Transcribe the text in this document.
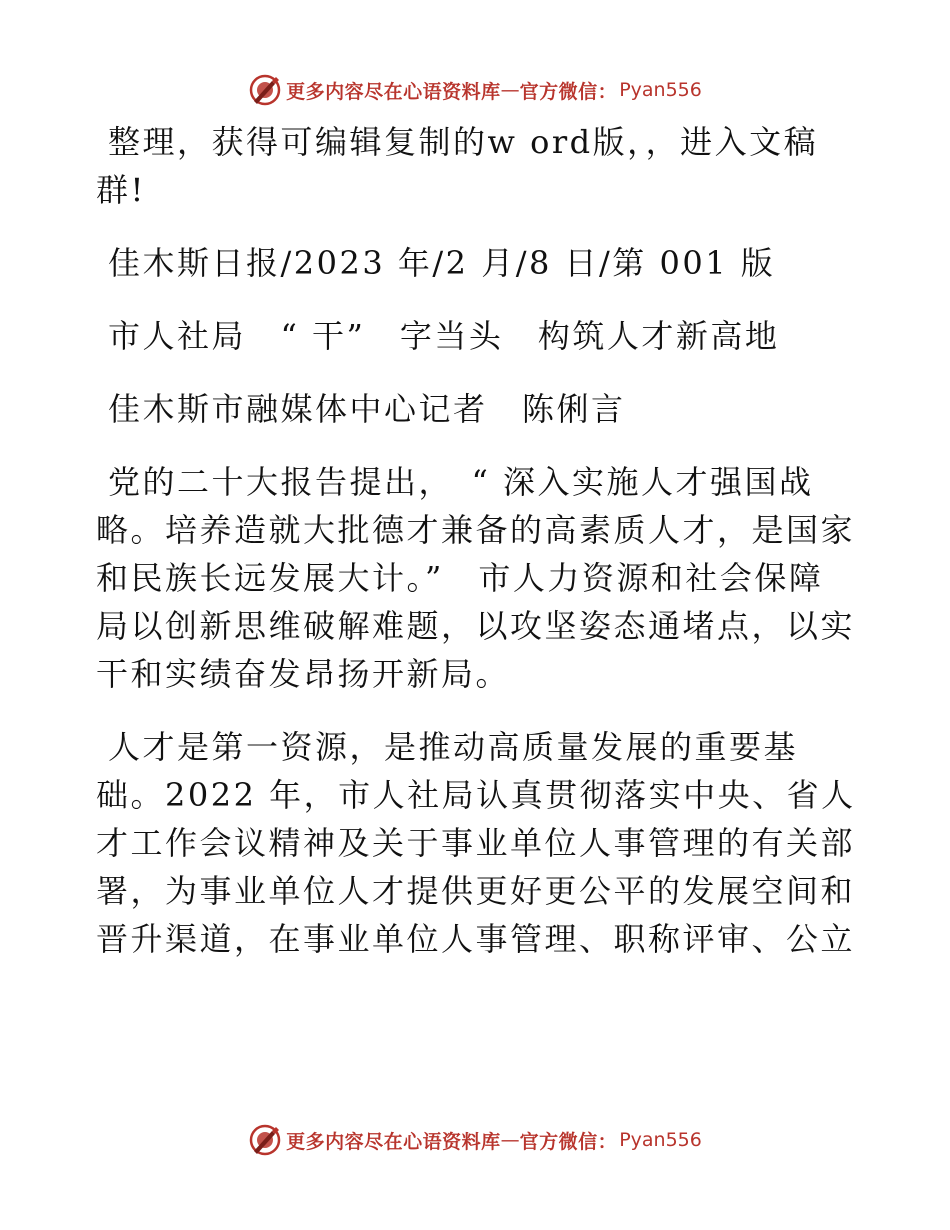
更多内容尽在心语资料库 — 官方微信： Pyan556

整理，获得可编辑复制的w ord版，，进入文稿群!

佳木斯日报/2023 年/2 月/8 日/第 001 版

市人社局　“ 干”　字当头　构筑人才新高地

佳木斯市融媒体中心记者　陈俐言

党的二十大报告提出，　“ 深入实施人才强国战略。培养造就大批德才兼备的高素质人才，是国家和民族长远发展大计。”　市人力资源和社会保障局以创新思维破解难题，以攻坚姿态通堵点，以实干和实绩奋发昂扬开新局。

人才是第一资源，是推动高质量发展的重要基础。2022 年，市人社局认真贯彻落实中央、省人才工作会议精神及关于事业单位人事管理的有关部署，为事业单位人才提供更好更公平的发展空间和晋升渠道，在事业单位人事管理、职称评审、公立

更多内容尽在心语资料库 — 官方微信： Pyan556
